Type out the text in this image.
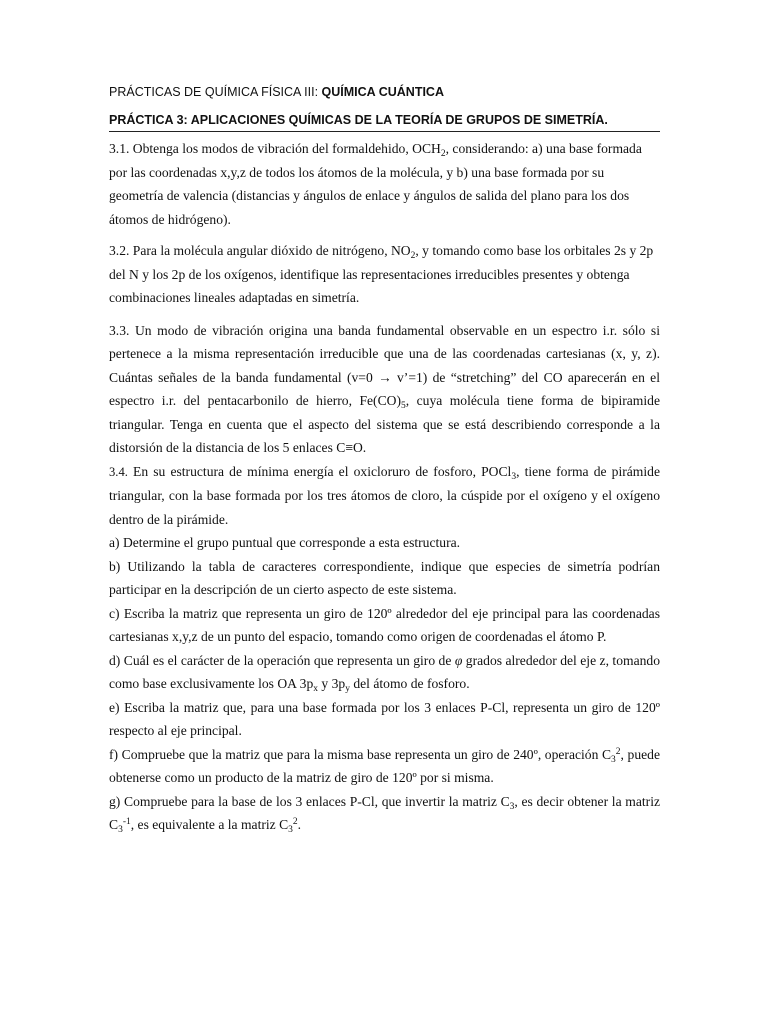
PRÁCTICAS DE QUÍMICA FÍSICA III: QUÍMICA CUÁNTICA
PRÁCTICA 3: APLICACIONES QUÍMICAS DE LA TEORÍA DE GRUPOS DE SIMETRÍA.

3.1. Obtenga los modos de vibración del formaldehido, $OCH_2$, considerando: a) una base formada por las coordenadas x,y,z de todos los átomos de la molécula, y b) una base formada por su geometría de valencia (distancias y ángulos de enlace y ángulos de salida del plano para los dos átomos de hidrógeno).

3.2. Para la molécula angular dióxido de nitrógeno, $NO_2$, y tomando como base los orbitales 2s y 2p del N y los 2p de los oxígenos, identifique las representaciones irreducibles presentes y obtenga combinaciones lineales adaptadas en simetría.

3.3. Un modo de vibración origina una banda fundamental observable en un espectro i.r. sólo si pertenece a la misma representación irreducible que una de las coordenadas cartesianas (x, y, z). Cuántas señales de la banda fundamental (v=0 → v’=1) de “stretching” del CO aparecerán en el espectro i.r. del pentacarbonilo de hierro, $Fe(CO)_5$, cuya molécula tiene forma de bipiramide triangular. Tenga en cuenta que el aspecto del sistema que se está describiendo corresponde a la distorsión de la distancia de los 5 enlaces C≡O.

3.4. En su estructura de mínima energía el oxicloruro de fosforo, POCl$_3$, tiene forma de pirámide triangular, con la base formada por los tres átomos de cloro, la cúspide por el oxígeno y el oxígeno dentro de la pirámide.

a) Determine el grupo puntual que corresponde a esta estructura.

b) Utilizando la tabla de caracteres correspondiente, indique que especies de simetría podrían participar en la descripción de un cierto aspecto de este sistema.

c) Escriba la matriz que representa un giro de 120º alrededor del eje principal para las coordenadas cartesianas x,y,z de un punto del espacio, tomando como origen de coordenadas el átomo P.

d) Cuál es el carácter de la operación que representa un giro de φ grados alrededor del eje z, tomando como base exclusivamente los OA $3p_x$ y $3p_y$ del átomo de fosforo.

e) Escriba la matriz que, para una base formada por los 3 enlaces P-Cl, representa un giro de 120º respecto al eje principal.

f) Compruebe que la matriz que para la misma base representa un giro de 240º, operación $C_3^2$, puede obtenerse como un producto de la matriz de giro de 120º por si misma.

g) Compruebe para la base de los 3 enlaces P-Cl, que invertir la matriz $C_3$, es decir obtener la matriz $C_3^{-1}$, es equivalente a la matriz $C_3^2$.
